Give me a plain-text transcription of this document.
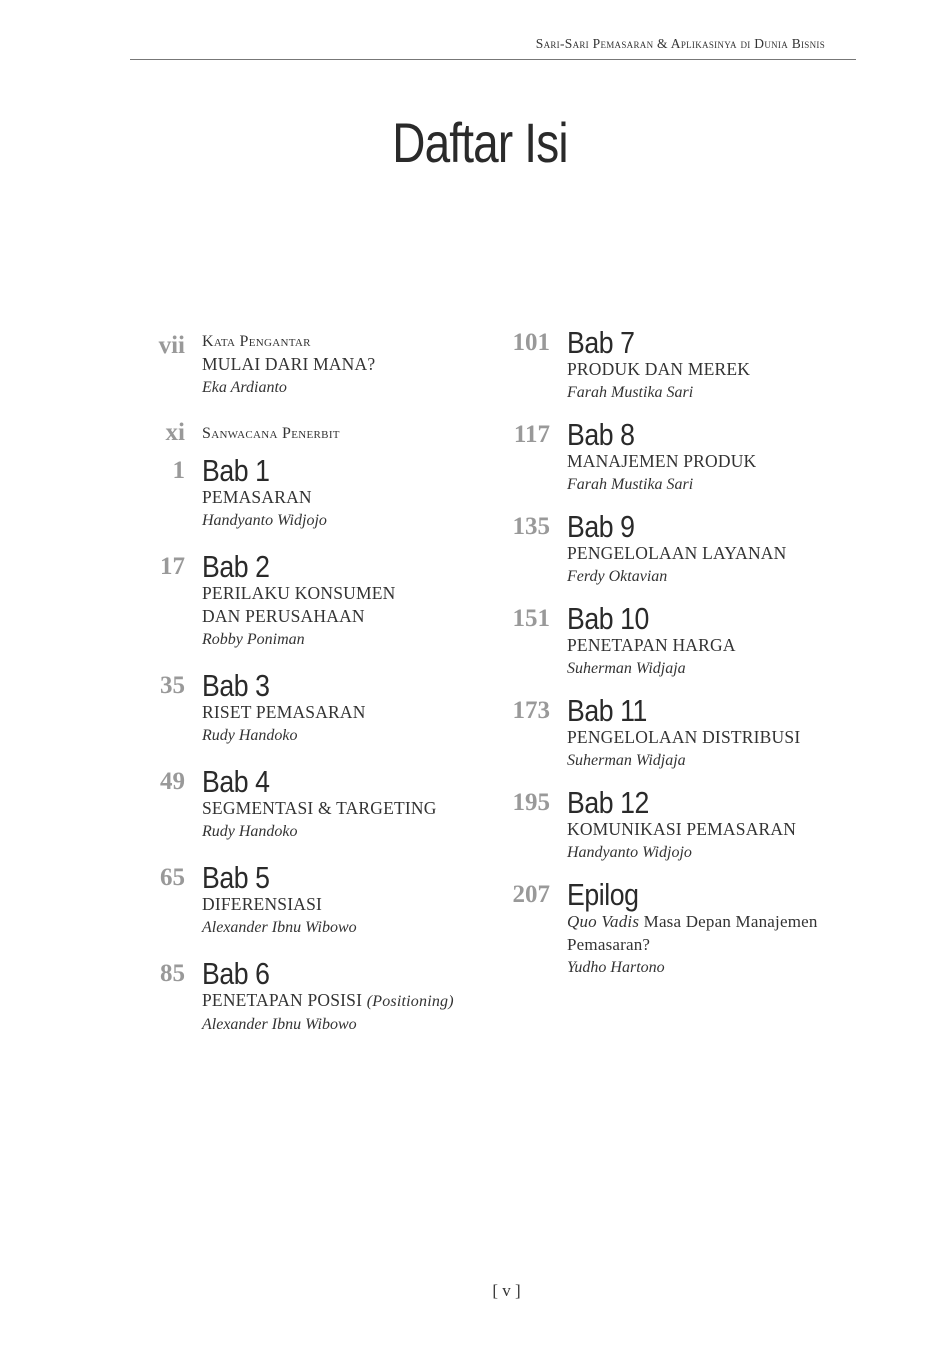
Sari-Sari Pemasaran & Aplikasinya di Dunia Bisnis
Daftar Isi
vii Kata Pengantar
MULAI DARI MANA?
Eka Ardianto
xi Sanwacana Penerbit
1 Bab 1
PEMASARAN
Handyanto Widjojo
17 Bab 2
PERILAKU KONSUMEN
DAN PERUSAHAAN
Robby Poniman
35 Bab 3
RISET PEMASARAN
Rudy Handoko
49 Bab 4
SEGMENTASI & TARGETING
Rudy Handoko
65 Bab 5
DIFERENSIASI
Alexander Ibnu Wibowo
85 Bab 6
PENETAPAN POSISI (Positioning)
Alexander Ibnu Wibowo
101 Bab 7
PRODUK DAN MEREK
Farah Mustika Sari
117 Bab 8
MANAJEMEN PRODUK
Farah Mustika Sari
135 Bab 9
PENGELOLAAN LAYANAN
Ferdy Oktavian
151 Bab 10
PENETAPAN HARGA
Suherman Widjaja
173 Bab 11
PENGELOLAAN DISTRIBUSI
Suherman Widjaja
195 Bab 12
KOMUNIKASI PEMASARAN
Handyanto Widjojo
207 Epilog
Quo Vadis Masa Depan Manajemen
Pemasaran?
Yudho Hartono
[ v ]
